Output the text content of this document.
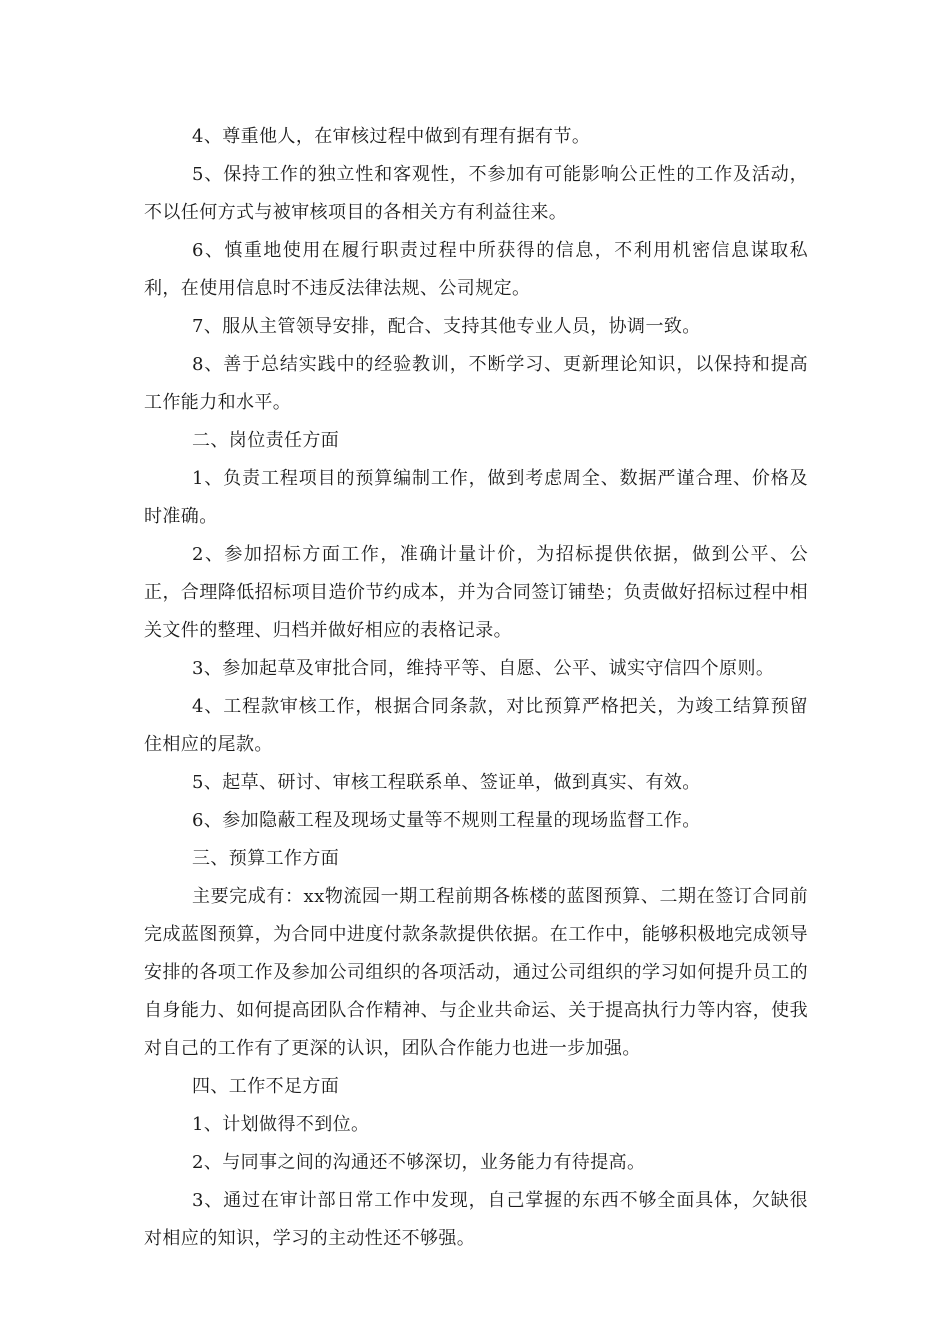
4、尊重他人，在审核过程中做到有理有据有节。

5、保持工作的独立性和客观性，不参加有可能影响公正性的工作及活动，不以任何方式与被审核项目的各相关方有利益往来。

6、慎重地使用在履行职责过程中所获得的信息，不利用机密信息谋取私利，在使用信息时不违反法律法规、公司规定。

7、服从主管领导安排，配合、支持其他专业人员，协调一致。

8、善于总结实践中的经验教训，不断学习、更新理论知识，以保持和提高工作能力和水平。

二、岗位责任方面

1、负责工程项目的预算编制工作，做到考虑周全、数据严谨合理、价格及时准确。

2、参加招标方面工作，准确计量计价，为招标提供依据，做到公平、公正，合理降低招标项目造价节约成本，并为合同签订铺垫；负责做好招标过程中相关文件的整理、归档并做好相应的表格记录。

3、参加起草及审批合同，维持平等、自愿、公平、诚实守信四个原则。

4、工程款审核工作，根据合同条款，对比预算严格把关，为竣工结算预留住相应的尾款。

5、起草、研讨、审核工程联系单、签证单，做到真实、有效。

6、参加隐蔽工程及现场丈量等不规则工程量的现场监督工作。

三、预算工作方面

主要完成有：xx物流园一期工程前期各栋楼的蓝图预算、二期在签订合同前完成蓝图预算，为合同中进度付款条款提供依据。在工作中，能够积极地完成领导安排的各项工作及参加公司组织的各项活动，通过公司组织的学习如何提升员工的自身能力、如何提高团队合作精神、与企业共命运、关于提高执行力等内容，使我对自己的工作有了更深的认识，团队合作能力也进一步加强。

四、工作不足方面

1、计划做得不到位。

2、与同事之间的沟通还不够深切，业务能力有待提高。

3、通过在审计部日常工作中发现，自己掌握的东西不够全面具体，欠缺很对相应的知识，学习的主动性还不够强。
